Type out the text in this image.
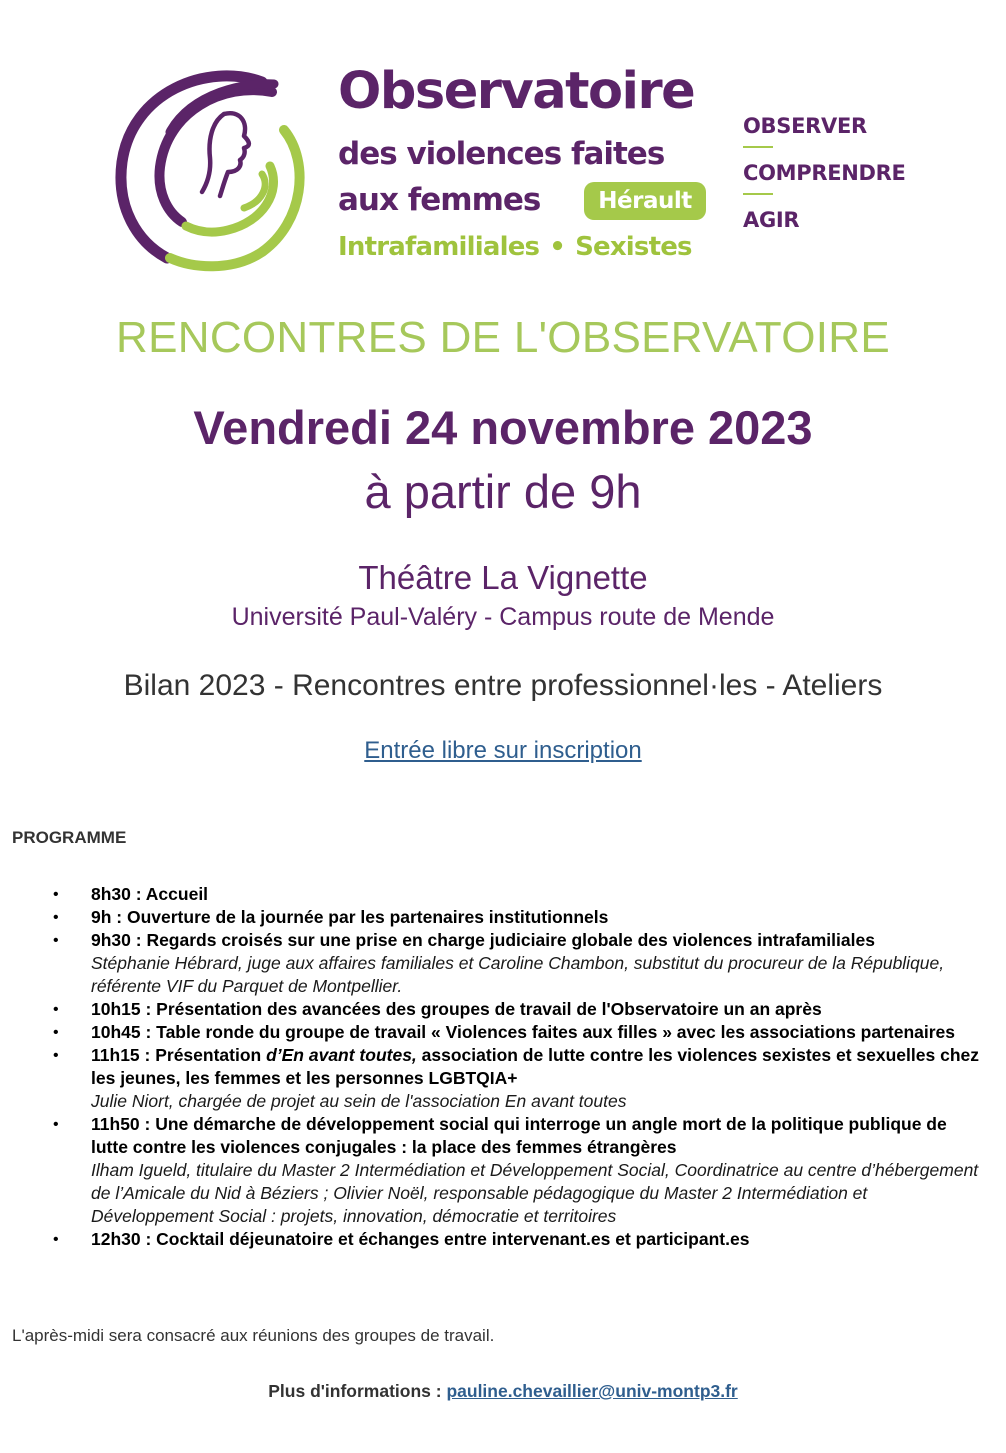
Observatoire
des violences faites
aux femmes	Hérault
Intrafamiliales • Sexistes
OBSERVER
COMPRENDRE
AGIR
RENCONTRES DE L'OBSERVATOIRE
Vendredi 24 novembre 2023
à partir de 9h
Théâtre La Vignette
Université Paul-Valéry - Campus route de Mende
Bilan 2023 - Rencontres entre professionnel·les - Ateliers
Entrée libre sur inscription
PROGRAMME
• 8h30 : Accueil
• 9h : Ouverture de la journée par les partenaires institutionnels
• 9h30 : Regards croisés sur une prise en charge judiciaire globale des violences intrafamiliales
Stéphanie Hébrard, juge aux affaires familiales et Caroline Chambon, substitut du procureur de la République, référente VIF du Parquet de Montpellier.
• 10h15 : Présentation des avancées des groupes de travail de l'Observatoire un an après
• 10h45 : Table ronde du groupe de travail « Violences faites aux filles » avec les associations partenaires
• 11h15 : Présentation d’En avant toutes, association de lutte contre les violences sexistes et sexuelles chez les jeunes, les femmes et les personnes LGBTQIA+
Julie Niort, chargée de projet au sein de l'association En avant toutes
• 11h50 : Une démarche de développement social qui interroge un angle mort de la politique publique de lutte contre les violences conjugales : la place des femmes étrangères
Ilham Igueld, titulaire du Master 2 Intermédiation et Développement Social, Coordinatrice au centre d’hébergement de l’Amicale du Nid à Béziers ; Olivier Noël, responsable pédagogique du Master 2 Intermédiation et Développement Social : projets, innovation, démocratie et territoires
• 12h30 : Cocktail déjeunatoire et échanges entre intervenant.es et participant.es
L'après-midi sera consacré aux réunions des groupes de travail.
Plus d'informations : pauline.chevaillier@univ-montp3.fr
